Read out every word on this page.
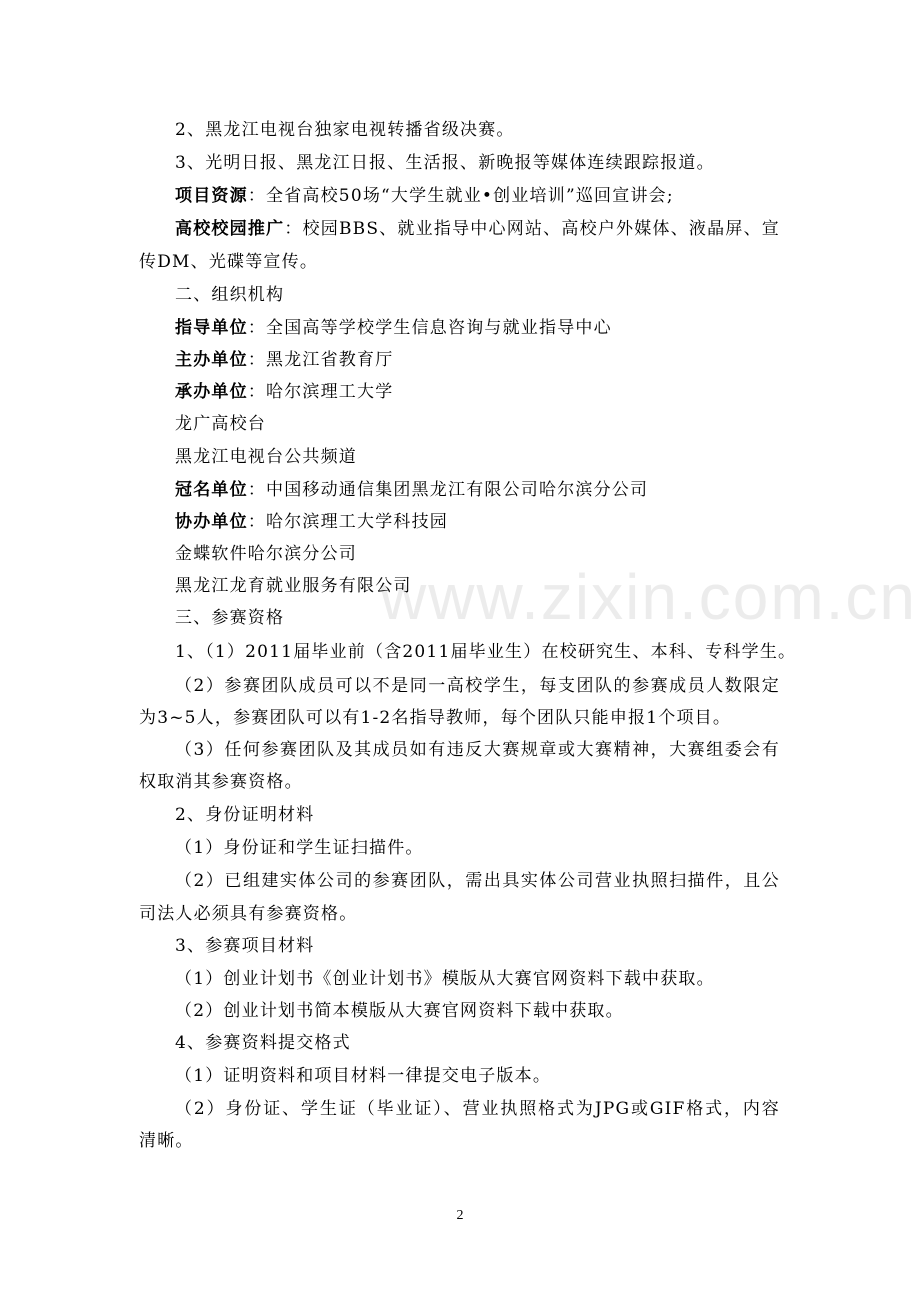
www.zixin.com.cn
2、黑龙江电视台独家电视转播省级决赛。
3、光明日报、黑龙江日报、生活报、新晚报等媒体连续跟踪报道。
项目资源：全省高校50场“大学生就业•创业培训”巡回宣讲会;
高校校园推广：校园BBS、就业指导中心网站、高校户外媒体、液晶屏、宣
传DM、光碟等宣传。
二、组织机构
指导单位：全国高等学校学生信息咨询与就业指导中心
主办单位：黑龙江省教育厅
承办单位：哈尔滨理工大学
龙广高校台
黑龙江电视台公共频道
冠名单位：中国移动通信集团黑龙江有限公司哈尔滨分公司
协办单位：哈尔滨理工大学科技园
金蝶软件哈尔滨分公司
黑龙江龙育就业服务有限公司
三、参赛资格
1、（1）2011届毕业前（含2011届毕业生）在校研究生、本科、专科学生。
（2）参赛团队成员可以不是同一高校学生，每支团队的参赛成员人数限定
为3~5人，参赛团队可以有1-2名指导教师，每个团队只能申报1个项目。
（3）任何参赛团队及其成员如有违反大赛规章或大赛精神，大赛组委会有
权取消其参赛资格。
2、身份证明材料
（1）身份证和学生证扫描件。
（2）已组建实体公司的参赛团队，需出具实体公司营业执照扫描件，且公
司法人必须具有参赛资格。
3、参赛项目材料
（1）创业计划书《创业计划书》模版从大赛官网资料下载中获取。
（2）创业计划书简本模版从大赛官网资料下载中获取。
4、参赛资料提交格式
（1）证明资料和项目材料一律提交电子版本。
（2）身份证、学生证（毕业证）、营业执照格式为JPG或GIF格式，内容
清晰。
2
